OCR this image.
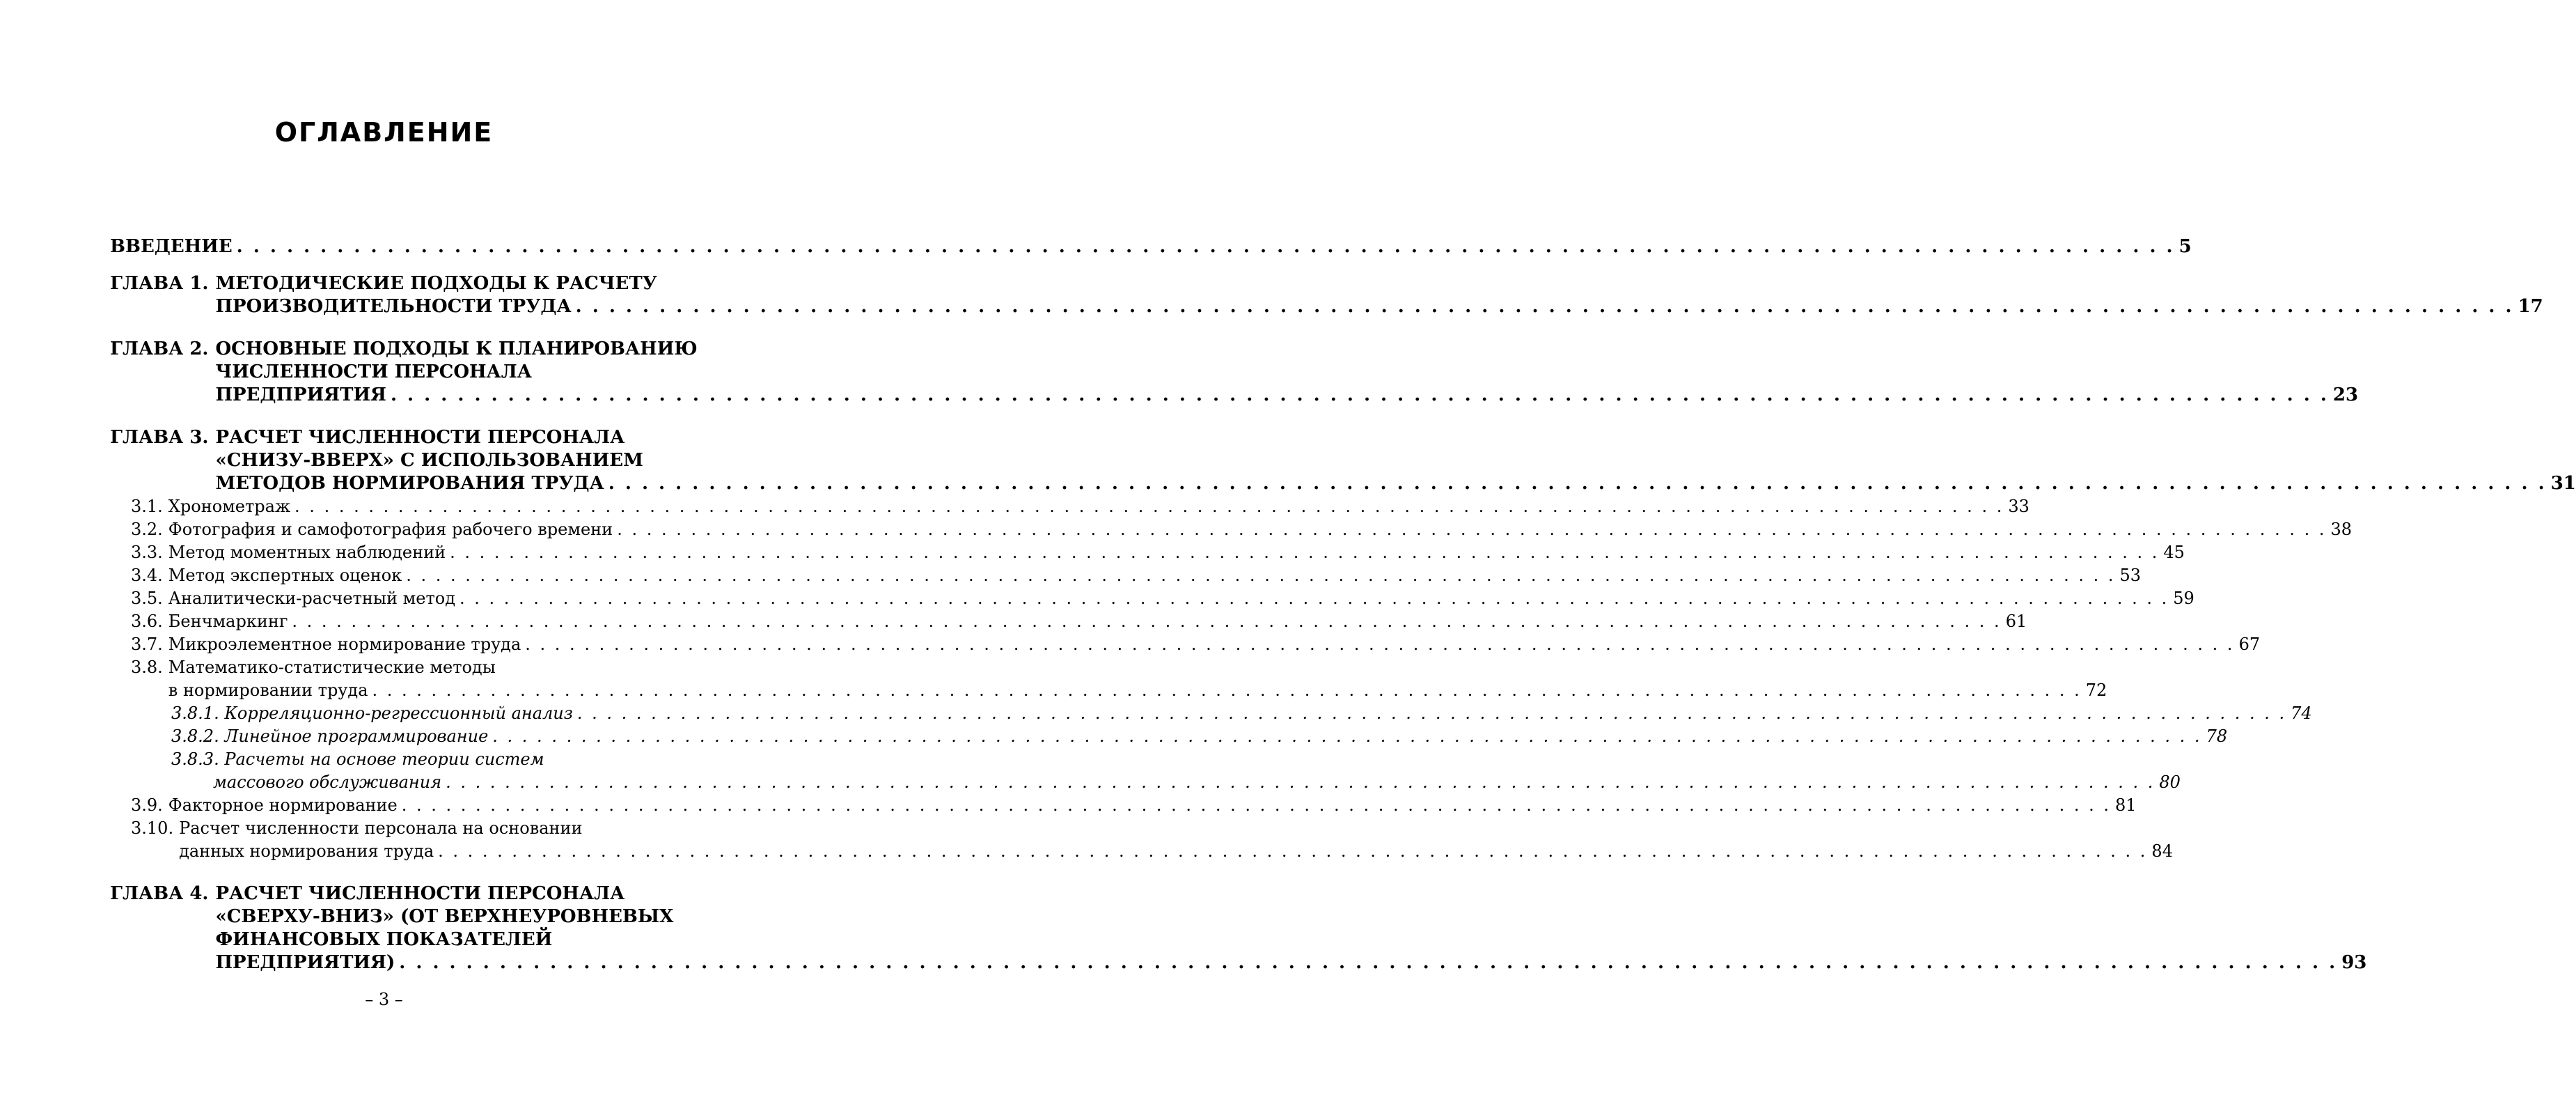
ОГЛАВЛЕНИЕ
ВВЕДЕНИЕ . . .	5
ГЛАВА 1. МЕТОДИЧЕСКИЕ ПОДХОДЫ К РАСЧЕТУ
ПРОИЗВОДИТЕЛЬНОСТИ ТРУДА . . .	17
ГЛАВА 2. ОСНОВНЫЕ ПОДХОДЫ К ПЛАНИРОВАНИЮ
ЧИСЛЕННОСТИ ПЕРСОНАЛА
ПРЕДПРИЯТИЯ . . .	23
ГЛАВА 3. РАСЧЕТ ЧИСЛЕННОСТИ ПЕРСОНАЛА
«СНИЗУ-ВВЕРХ» С ИСПОЛЬЗОВАНИЕМ
МЕТОДОВ НОРМИРОВАНИЯ ТРУДА . . .	31
3.1. Хронометраж . . .	33
3.2. Фотография и самофотография рабочего времени . . .	38
3.3. Метод моментных наблюдений . . .	45
3.4. Метод экспертных оценок . . .	53
3.5. Аналитически-расчетный метод . . .	59
3.6. Бенчмаркинг . . .	61
3.7. Микроэлементное нормирование труда . . .	67
3.8. Математико-статистические методы
в нормировании труда . . .	72
3.8.1.
Корреляционно-регрессионный анализ . . .	74
3.8.2.
Линейное программирование . . .	78
3.8.3.
Расчеты на основе теории систем
массового обслуживания . . .	80
3.9. Факторное нормирование . . .	81
3.10. Расчет численности персонала на основании
данных нормирования труда . . .	84
ГЛАВА 4. РАСЧЕТ ЧИСЛЕННОСТИ ПЕРСОНАЛА
«СВЕРХУ-ВНИЗ» (ОТ ВЕРХНЕУРОВНЕВЫХ
ФИНАНСОВЫХ ПОКАЗАТЕЛЕЙ
ПРЕДПРИЯТИЯ) . . .	93
– 3 –
